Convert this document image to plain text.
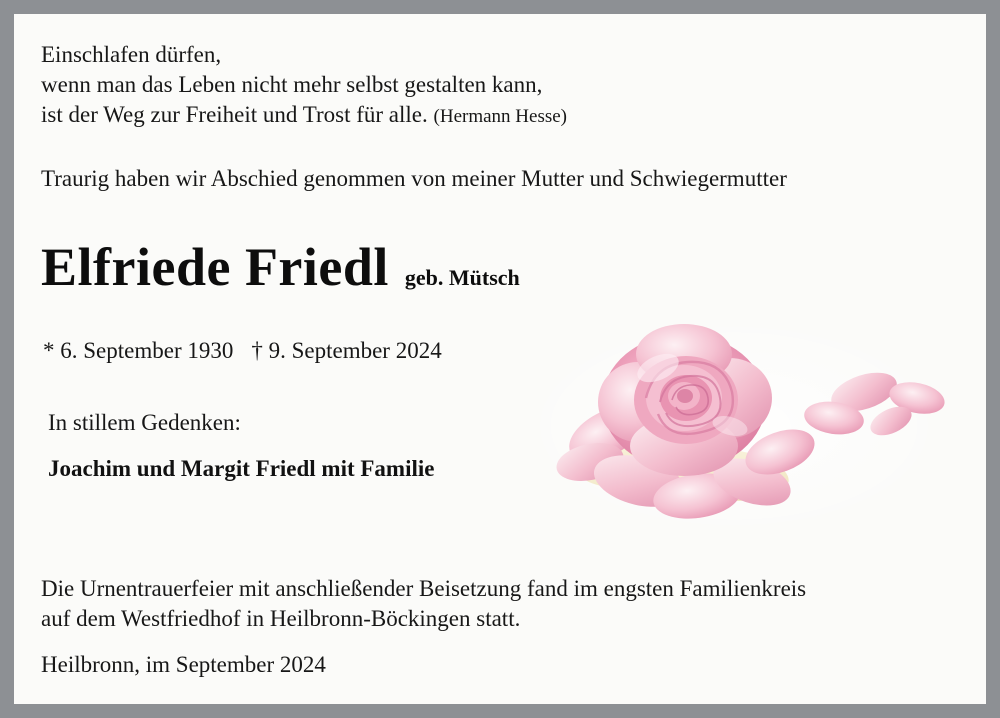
Einschlafen dürfen,
wenn man das Leben nicht mehr selbst gestalten kann,
ist der Weg zur Freiheit und Trost für alle. (Hermann Hesse)
Traurig haben wir Abschied genommen von meiner Mutter und Schwiegermutter
Elfriede Friedl geb. Mütsch
* 6. September 1930 † 9. September 2024
In stillem Gedenken:
Joachim und Margit Friedl mit Familie
Die Urnentrauerfeier mit anschließender Beisetzung fand im engsten Familienkreis
auf dem Westfriedhof in Heilbronn-Böckingen statt.
Heilbronn, im September 2024
